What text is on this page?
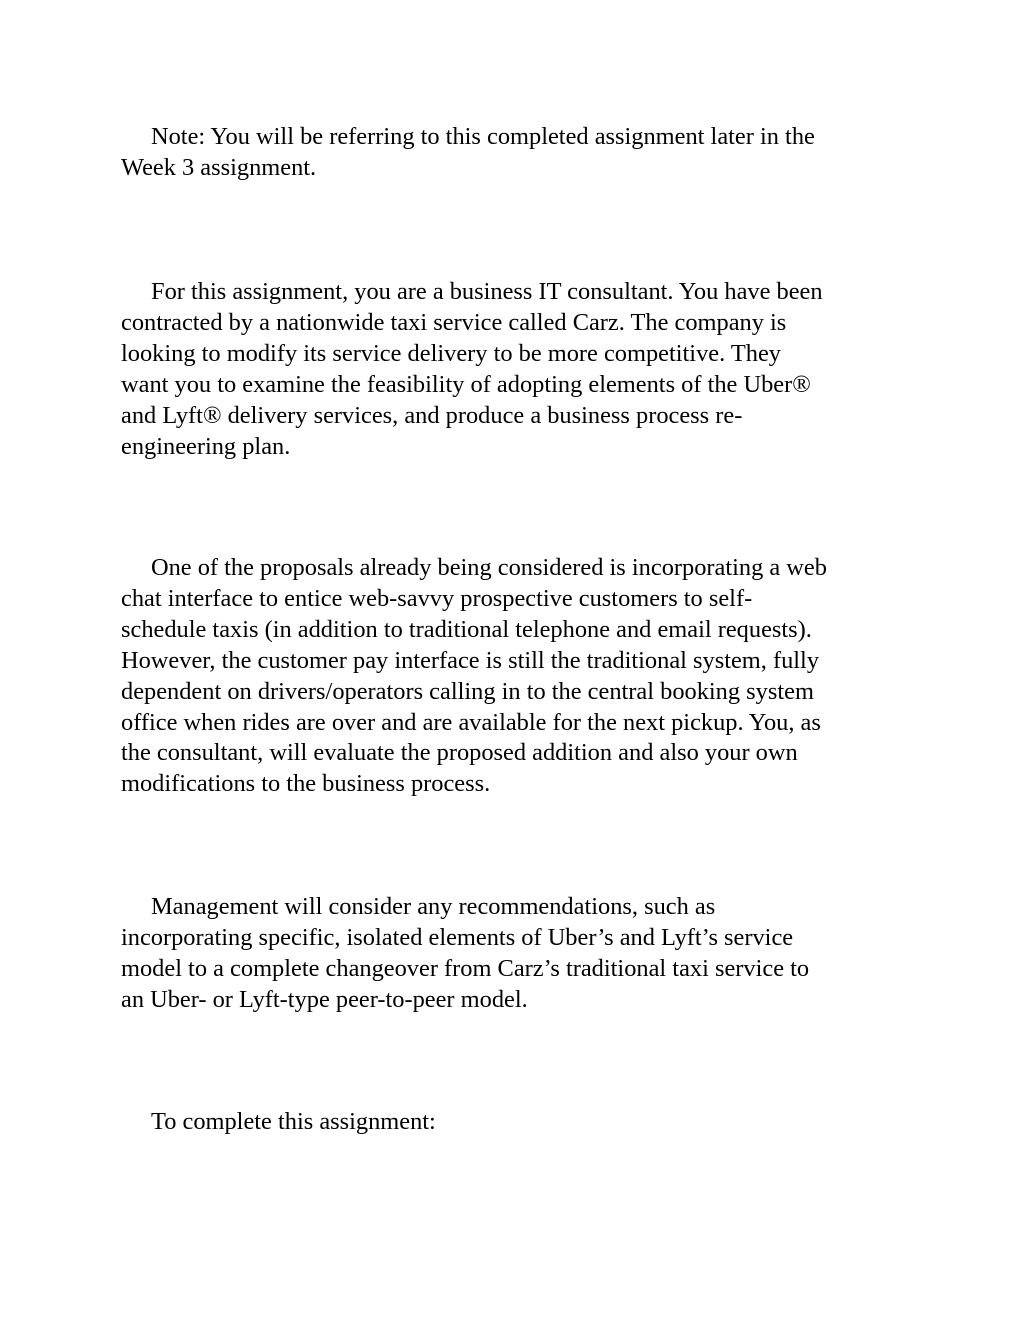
Note: You will be referring to this completed assignment later in the
Week 3 assignment.

For this assignment, you are a business IT consultant. You have been
contracted by a nationwide taxi service called Carz. The company is
looking to modify its service delivery to be more competitive. They
want you to examine the feasibility of adopting elements of the Uber®
and Lyft® delivery services, and produce a business process re-
engineering plan.

One of the proposals already being considered is incorporating a web
chat interface to entice web-savvy prospective customers to self-
schedule taxis (in addition to traditional telephone and email requests).
However, the customer pay interface is still the traditional system, fully
dependent on drivers/operators calling in to the central booking system
office when rides are over and are available for the next pickup. You, as
the consultant, will evaluate the proposed addition and also your own
modifications to the business process.

Management will consider any recommendations, such as
incorporating specific, isolated elements of Uber’s and Lyft’s service
model to a complete changeover from Carz’s traditional taxi service to
an Uber- or Lyft-type peer-to-peer model.

To complete this assignment:
